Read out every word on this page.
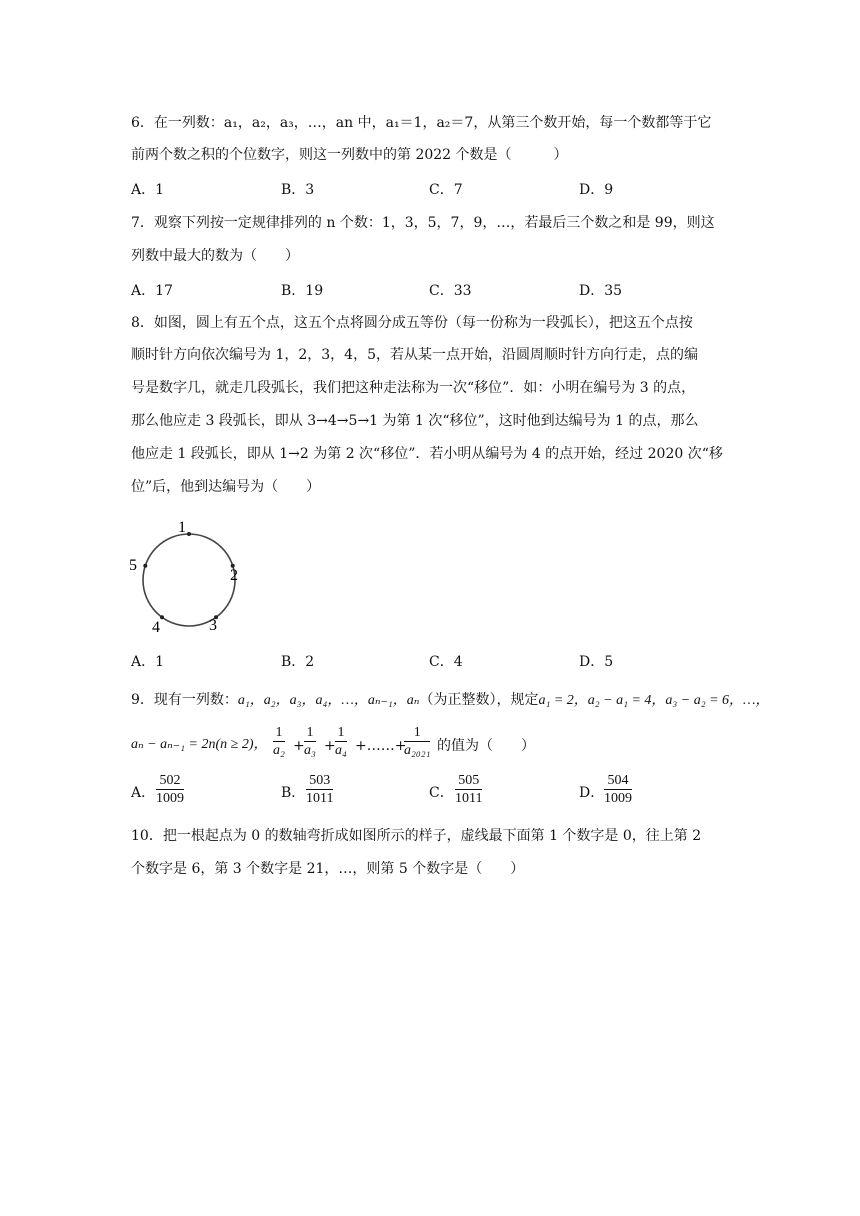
6．在一列数：a₁，a₂，a₃，…，an 中，a₁＝1，a₂＝7，从第三个数开始，每一个数都等于它
前两个数之积的个位数字，则这一列数中的第 2022 个数是（　　　）
A．1	B．3	C．7	D．9
7．观察下列按一定规律排列的 n 个数：1，3，5，7，9，…，若最后三个数之和是 99，则这
列数中最大的数为（　　）
A．17	B．19	C．33	D．35
8．如图，圆上有五个点，这五个点将圆分成五等份（每一份称为一段弧长），把这五个点按
顺时针方向依次编号为 1，2，3，4，5，若从某一点开始，沿圆周顺时针方向行走，点的编
号是数字几，就走几段弧长，我们把这种走法称为一次“移位”．如：小明在编号为 3 的点，
那么他应走 3 段弧长，即从 3→4→5→1 为第 1 次“移位”，这时他到达编号为 1 的点，那么
他应走 1 段弧长，即从 1→2 为第 2 次“移位”．若小明从编号为 4 的点开始，经过 2020 次“移
位”后，他到达编号为（　　）
1
2
3
4
5
A．1	B．2	C．4	D．5
9．现有一列数：a₁，a₂，a₃，a₄，…，aₙ₋₁，aₙ（为正整数），规定a₁ = 2，a₂ − a₁ = 4，a₃ − a₂ = 6，…，
aₙ − aₙ₋₁ = 2n(n ≥ 2)， $\frac{1}{\text{a₂}} + \frac{1}{\text{a₃}} + \frac{1}{\text{a₄}}$ +……+
$\frac{1}{\text{a₂₀₂₁}}$ 的值为（　　）
A． $\frac{502}{1009}$	B． $\frac{503}{1011}$	C． $\frac{505}{1011}$	D． $\frac{504}{1009}$
10．把一根起点为 0 的数轴弯折成如图所示的样子，虚线最下面第 1 个数字是 0，往上第 2
个数字是 6，第 3 个数字是 21，…，则第 5 个数字是（　　）
